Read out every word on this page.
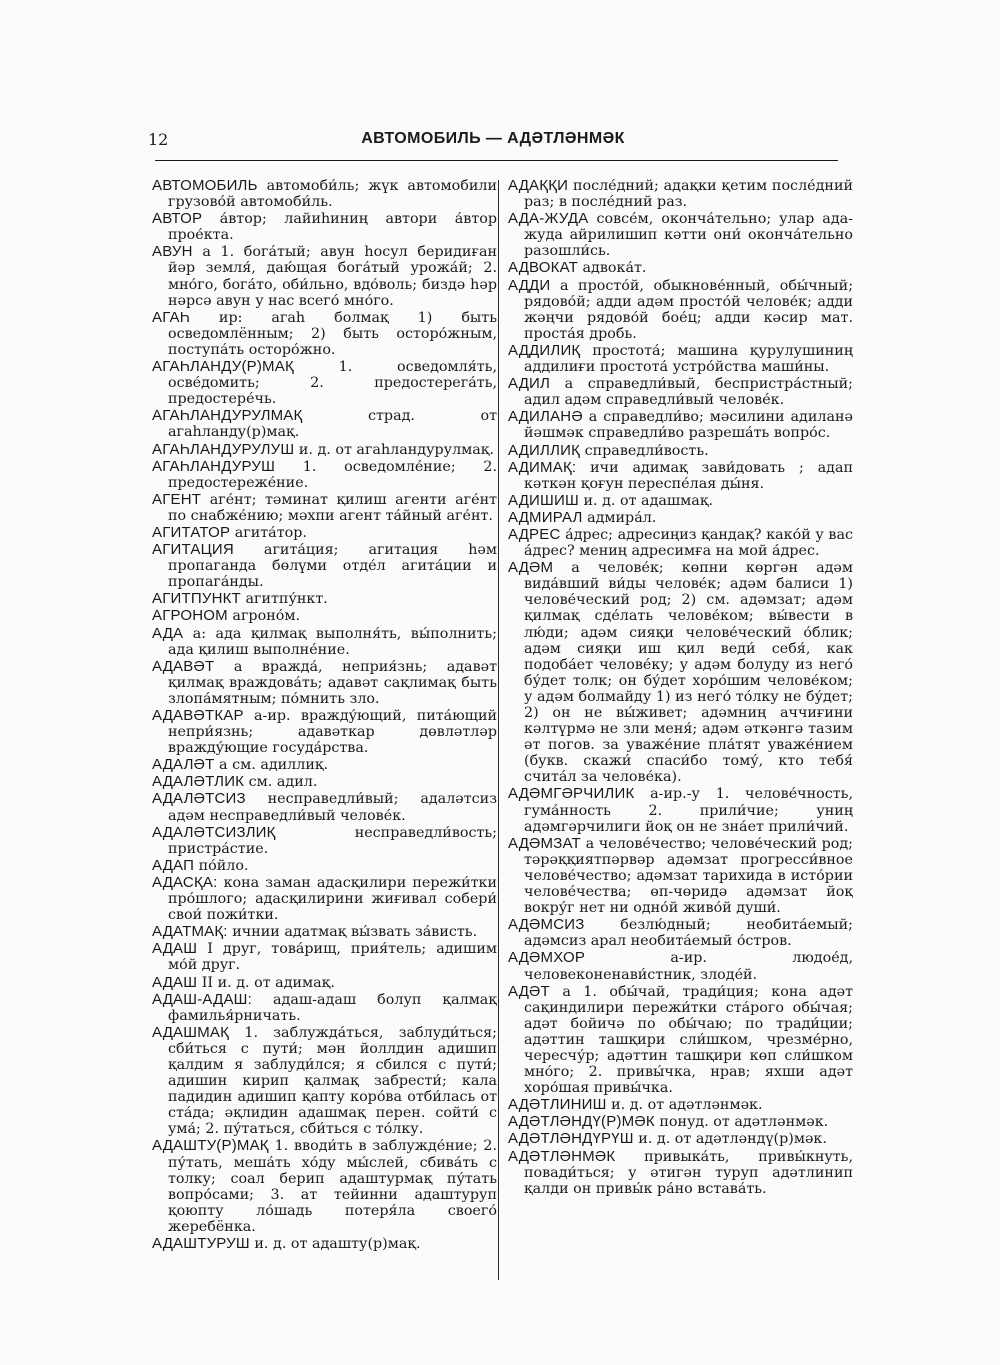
12	АВТОМОБИЛЬ — АДӘТЛӘНМӘК

АВТОМОБИЛЬ автомоби́ль; жүк автомобили грузово́й автомоби́ль.

АВТОР а́втор; лайиһиниң автори а́втор прое́кта.

АВУН а 1. бога́тый; авун һосул беридиған йәр земля́, даю́щая бога́тый урожа́й; 2. мно́го, бога́то, оби́льно, вдо́воль; биздә һәр нәрсә авун у нас всего́ мно́го.

АГАҺ ир: агаһ болмақ 1) быть осведомлённым; 2) быть осторо́жным, поступа́ть осторо́жно.

АГАҺЛАНДУ(Р)МАҚ	1. осведомля́ть, осве́домить; 2. предостерега́ть, предостере́чь.

АГАҺЛАНДУРУЛМАҚ	страд. от агаһланду(р)мақ.

АГАҺЛАНДУРУЛУШ и. д. от агаһландурулмақ.

АГАҺЛАНДУРУШ 1. осведомле́ние; 2. предостереже́ние.

АГЕНТ аге́нт; тәминат қилиш агенти аге́нт по снабже́нию; мәхпи агент та́йный аге́нт.

АГИТАТОР агита́тор.

АГИТАЦИЯ агита́ция; агитация һәм пропаганда бөлүми отде́л агита́ции и пропага́нды.

АГИТПУНКТ агитпу́нкт.

АГРОНОМ агроно́м.

АДА а: ада қилмақ выполня́ть, вы́полнить; ада қилиш выполне́ние.

АДАВӘТ а вражда́, неприя́знь; адавәт қилмақ враждова́ть; адавәт сақлимақ быть злопа́мятным; по́мнить зло.

АДАВӘТКАР а-ир. вражду́ющий, пита́ющий непри́язнь; адавәткар дөвләтләр вражду́ющие госуда́рства.

АДАЛӘТ а см. адиллиқ.

АДАЛӘТЛИК см. адил.

АДАЛӘТСИЗ несправедли́вый; адаләтсиз адәм несправедли́вый челове́к.

АДАЛӘТСИЗЛИҚ	несправедли́вость; пристра́стие.

АДАП по́йло.

АДАСҚА: кона заман адасқилири пережи́тки про́шлого; адасқилирини жиғивал собери́ свои́ пожи́тки.

АДАТМАҚ: ичнии адатмақ вы́звать за́висть.

АДАШ I друг, това́рищ, прия́тель; адишим мо́й друг.

АДАШ II и. д. от адимақ.

АДАШ-АДАШ: адаш-адаш болуп қалмақ фамилья́рничать.

АДАШМАҚ 1. заблужда́ться, заблуди́ться; сби́ться с пути́; мән йоллдин адишип қалдим я заблуди́лся; я сбился с пути́; адишин кирип қалмақ забрести́; кала падидин адишип қапту коро́ва отби́лась от ста́да; әқлидин адашмақ перен. сойти́ с ума́; 2. пу́таться, сби́ться с то́лку.

АДАШТУ(Р)МАҚ 1. вводи́ть в заблужде́ние; 2. пу́тать, меша́ть хо́ду мы́слей, сбива́ть с толку; соал берип адаштурмақ пу́тать вопро́сами; 3. ат тейинни адаштуруп қоюпту ло́шадь потеря́ла своего́ жеребёнка.

АДАШТУРУШ и. д. от адашту(р)мақ.

АДАҚҚИ после́дний; адақки қетим после́дний раз; в после́дний раз.

АДА-ЖУДА совсе́м, оконча́тельно; улар ада-жуда айрилишип кәтти они́ оконча́тельно разошли́сь.

АДВОКАТ адвока́т.

АДДИ а просто́й, обыкнове́нный, обы́чный; рядово́й; адди адәм просто́й челове́к; адди жәңчи рядово́й бое́ц; адди кәсир мат. проста́я дробь.

АДДИЛИҚ простота́; машина қурулушиниң аддилиғи простота́ устро́йства маши́ны.

АДИЛ а справедли́вый, беспристра́стный; адил адәм справедли́вый челове́к.

АДИЛАНӘ а справедли́во; мәсилини адиланә йәшмәк справедли́во разреша́ть вопро́с.

АДИЛЛИҚ справедли́вость.

АДИМАҚ: ичи адимақ зави́довать ; адап кәткән қоғун переспе́лая ды́ня.

АДИШИШ и. д. от адашмақ.

АДМИРАЛ адмира́л.

АДРЕС а́дрес; адресиңиз қандақ? како́й у вас а́дрес? мениң адресимға на мой а́дрес.

АДӘМ а челове́к; көпни көргән адәм вида́вший ви́ды челове́к; адәм балиси 1) челове́ческий род; 2) см. адәмзат; адәм қилмақ сде́лать челове́ком; вы́вести в лю́ди; адәм сияқи челове́ческий о́блик; адәм сияқи иш қил веди́ себя́, как подоба́ет челове́ку; у адәм болуду из него́ бу́дет толк; он бу́дет хоро́шим челове́ком; у адәм болмайду 1) из него́ то́лку не бу́дет; 2) он не вы́живет; адәмниң аччиғини кәлтүрмә не зли меня́; адәм әткәнгә тазим әт погов. за уваже́ние пла́тят уваже́нием (букв. скажи́ спаси́бо тому́, кто тебя́ счита́л за челове́ка).

АДӘМГӘРЧИЛИК а-ир.-у 1. челове́чность, гума́нность 2. прили́чие; униң адәмгәрчилиги йоқ он не зна́ет прили́чий.

АДӘМЗАТ а челове́чество; челове́ческий род; тәрәққиятпәрвәр адәмзат прогресси́вное челове́чество; адәмзат тарихида в исто́рии челове́чества; өп-чөридә адәмзат йоқ вокру́г нет ни одно́й живо́й души́.

АДӘМСИЗ	безлю́дный; необита́емый; адәмсиз арал необита́емый о́стров.

АДӘМХОР	а-ир. людое́д, человеконенави́стник, злоде́й.

АДӘТ а 1. обы́чай, тради́ция; кона адәт сақиндилири пережи́тки ста́рого обы́чая; адәт бойичә по обы́чаю; по тради́ции; адәттин ташқири сли́шком, чрезме́рно, чересчу́р; адәттин ташқири көп сли́шком мно́го; 2. привы́чка, нрав; яхши адәт хоро́шая привы́чка.

АДӘТЛИНИШ и. д. от адәтләнмәк.

АДӘТЛӘНДҮ(Р)МӘК понуд. от адәтләнмәк.

АДӘТЛӘНДҮРҮШ и. д. от адәтләндү(р)мәк.

АДӘТЛӘНМӘК привыка́ть, привы́кнуть, повади́ться; у әтигән туруп адәтлинип қалди он привы́к ра́но встава́ть.
